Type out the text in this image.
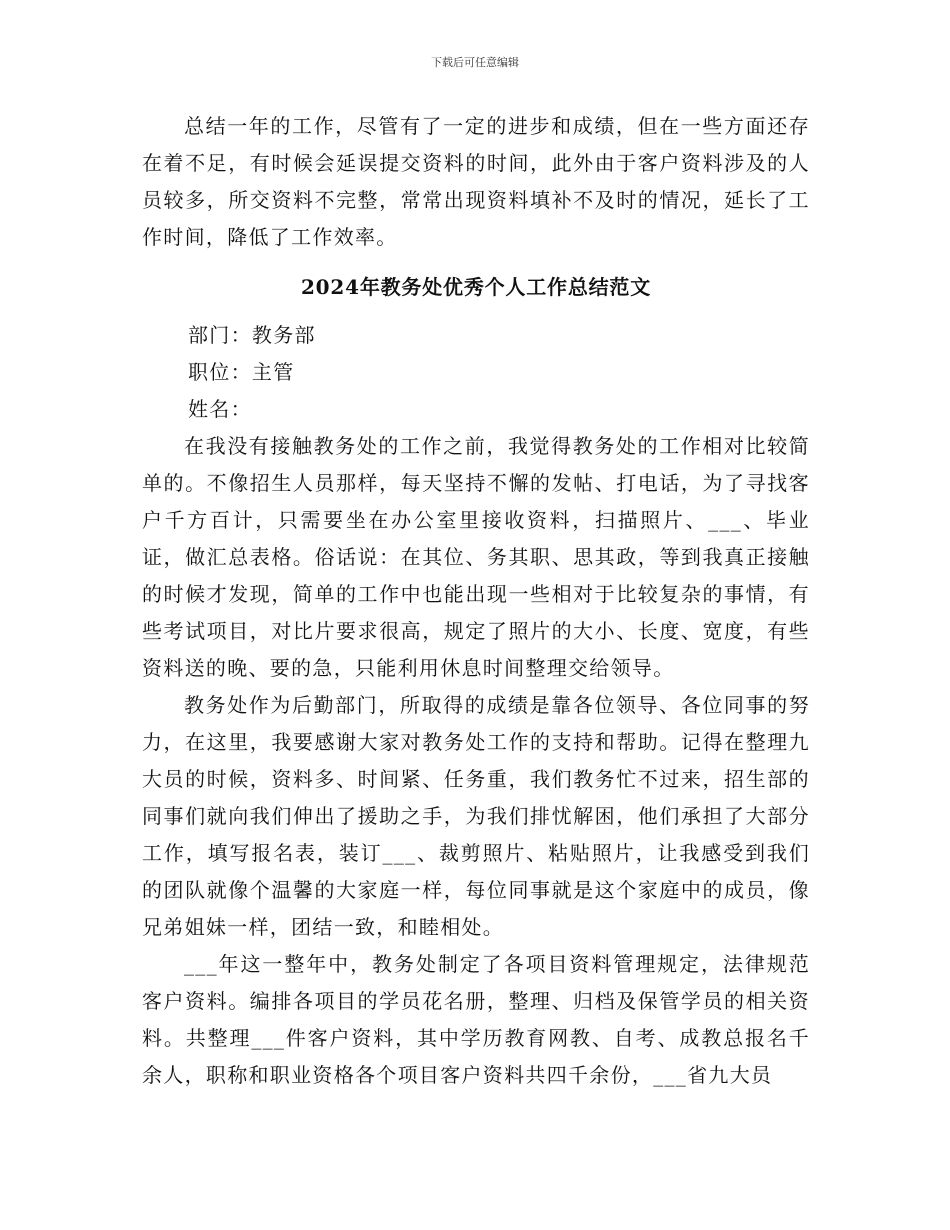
下载后可任意编辑

总结一年的工作，尽管有了一定的进步和成绩，但在一些方面还存在着不足，有时候会延误提交资料的时间，此外由于客户资料涉及的人员较多，所交资料不完整，常常出现资料填补不及时的情况，延长了工作时间，降低了工作效率。

2024年教务处优秀个人工作总结范文

部门：教务部

职位：主管

姓名：

在我没有接触教务处的工作之前，我觉得教务处的工作相对比较简单的。不像招生人员那样，每天坚持不懈的发帖、打电话，为了寻找客户千方百计，只需要坐在办公室里接收资料，扫描照片、___、毕业证，做汇总表格。俗话说：在其位、务其职、思其政，等到我真正接触的时候才发现，简单的工作中也能出现一些相对于比较复杂的事情，有些考试项目，对比片要求很高，规定了照片的大小、长度、宽度，有些资料送的晚、要的急，只能利用休息时间整理交给领导。

教务处作为后勤部门，所取得的成绩是靠各位领导、各位同事的努力，在这里，我要感谢大家对教务处工作的支持和帮助。记得在整理九大员的时候，资料多、时间紧、任务重，我们教务忙不过来，招生部的同事们就向我们伸出了援助之手，为我们排忧解困，他们承担了大部分工作，填写报名表，装订___、裁剪照片、粘贴照片，让我感受到我们的团队就像个温馨的大家庭一样，每位同事就是这个家庭中的成员，像兄弟姐妹一样，团结一致，和睦相处。

___年这一整年中，教务处制定了各项目资料管理规定，法律规范客户资料。编排各项目的学员花名册，整理、归档及保管学员的相关资料。共整理___件客户资料，其中学历教育网教、自考、成教总报名千余人，职称和职业资格各个项目客户资料共四千余份，___省九大员
